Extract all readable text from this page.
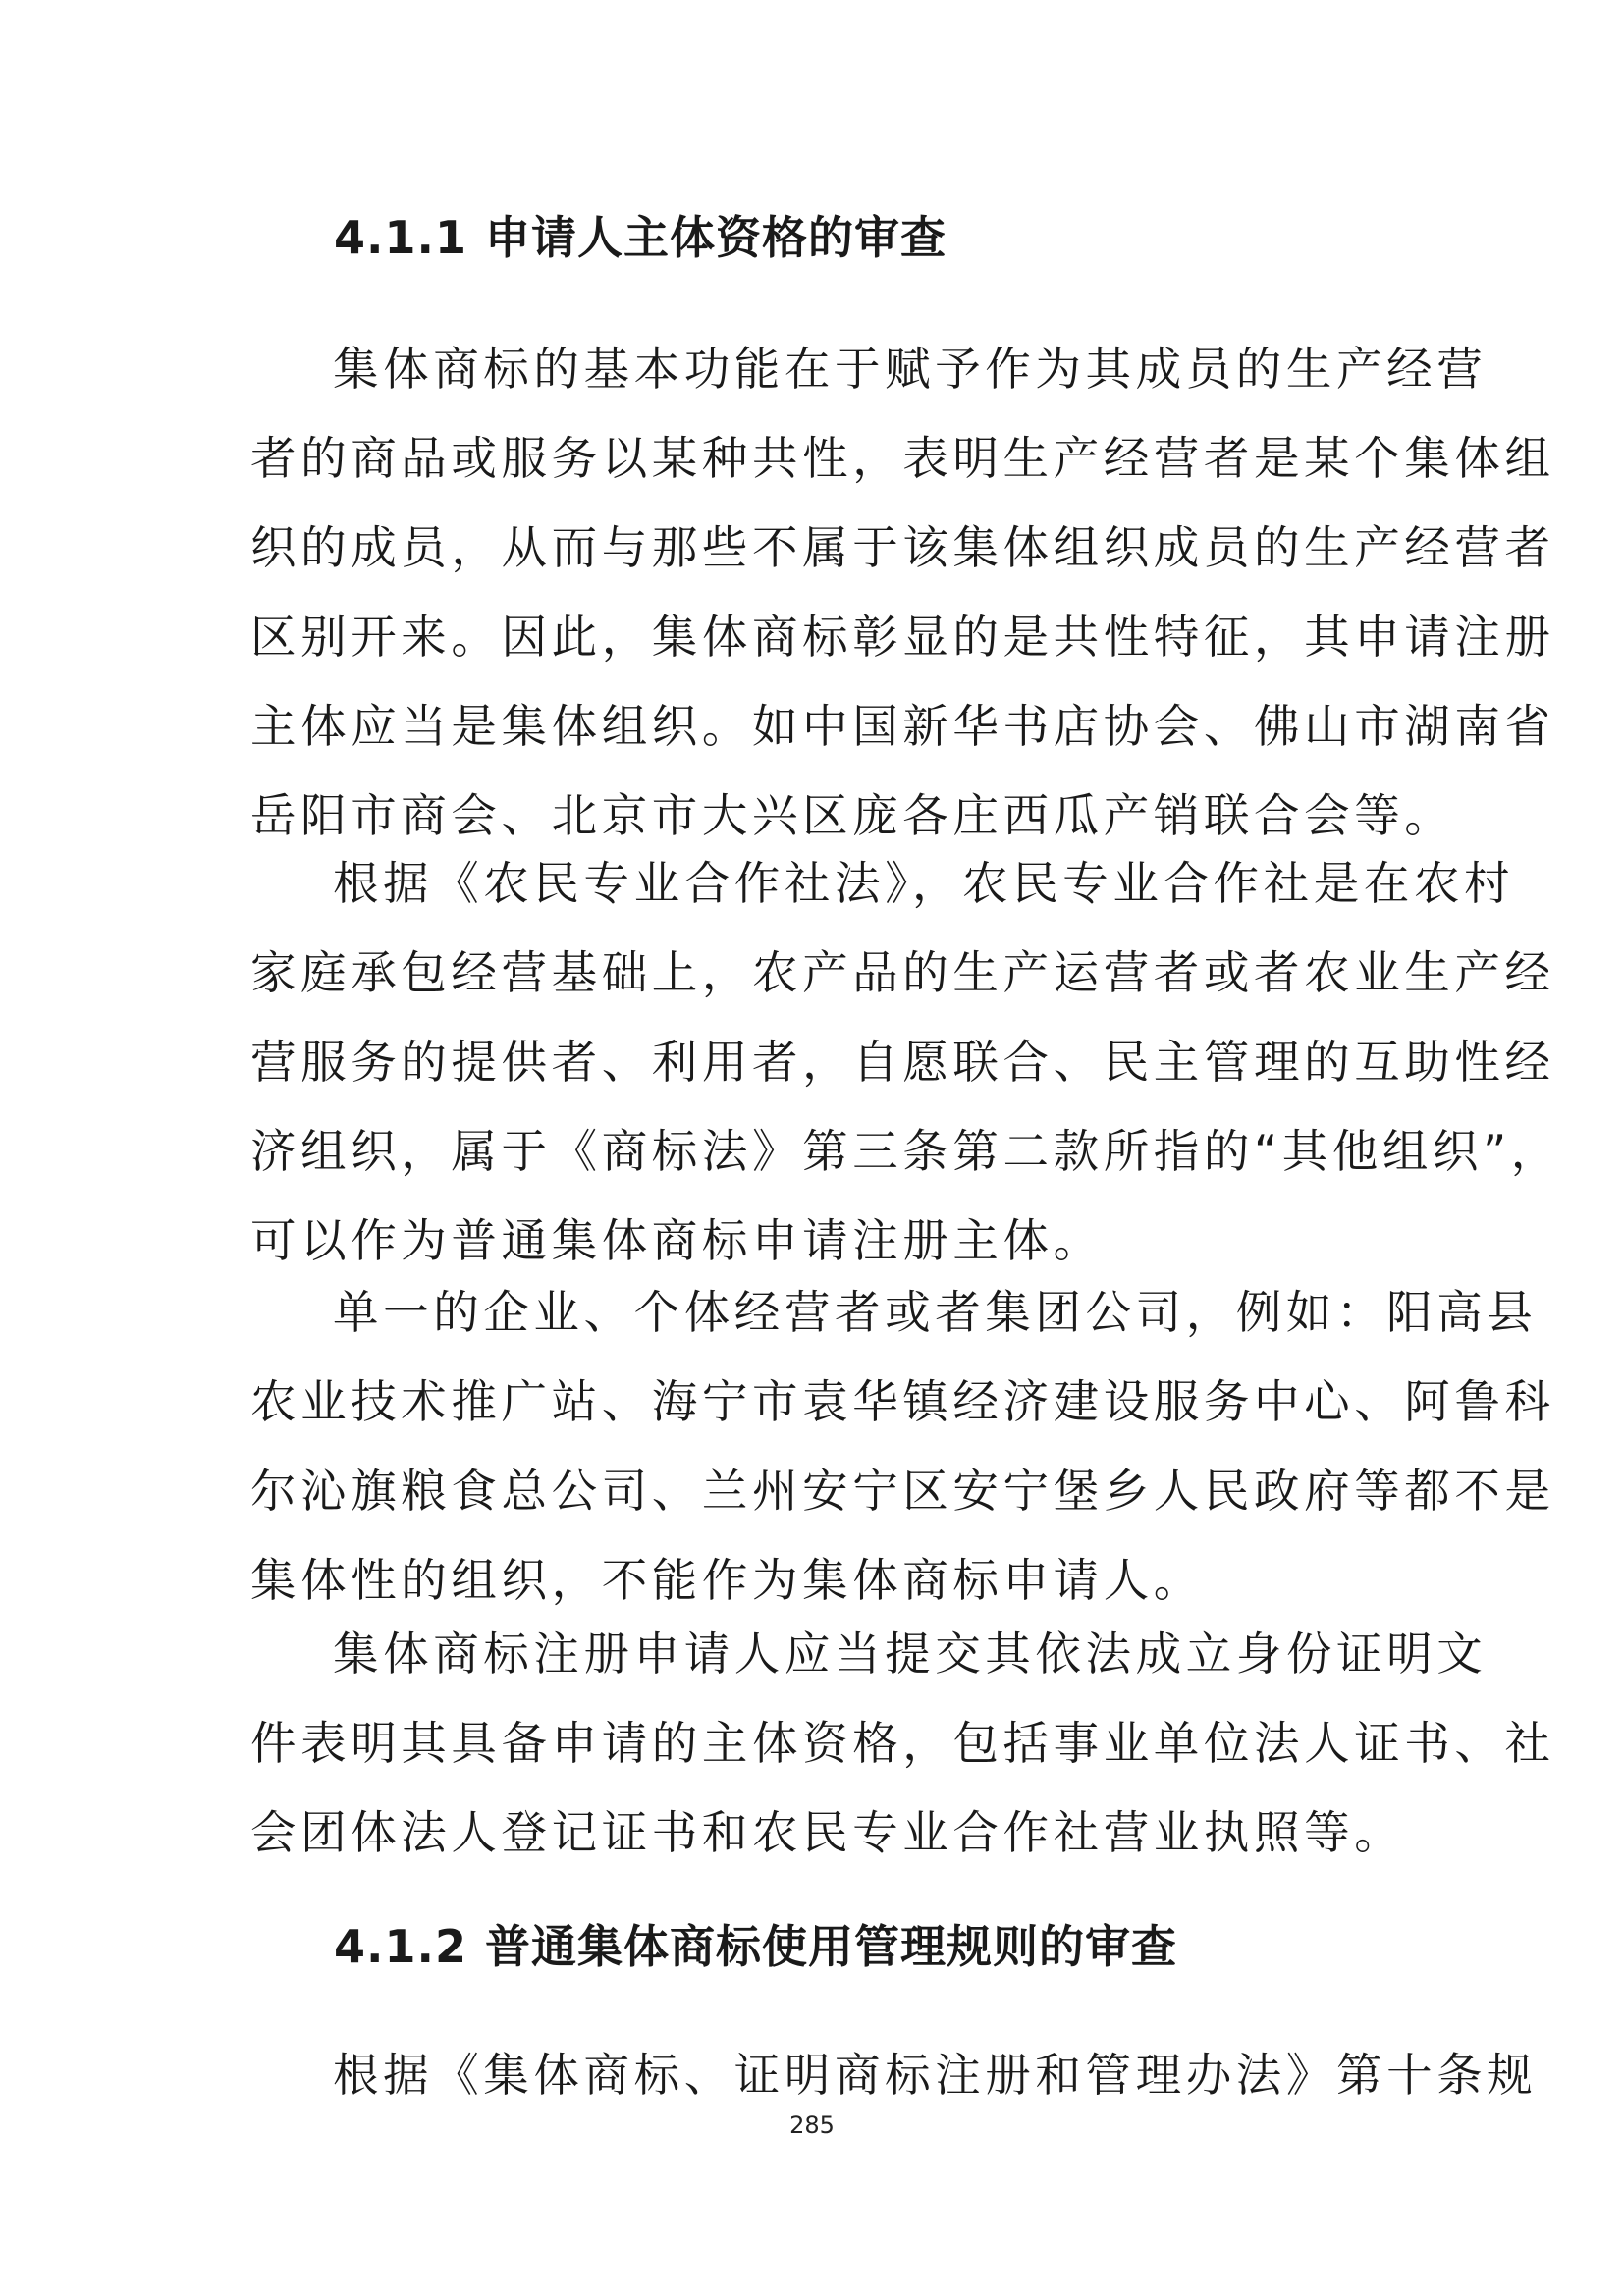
4.1.1 申请人主体资格的审查
集体商标的基本功能在于赋予作为其成员的生产经营
者的商品或服务以某种共性，表明生产经营者是某个集体组
织的成员，从而与那些不属于该集体组织成员的生产经营者
区别开来。因此，集体商标彰显的是共性特征，其申请注册
主体应当是集体组织。如中国新华书店协会、佛山市湖南省
岳阳市商会、北京市大兴区庞各庄西瓜产销联合会等。
根据《农民专业合作社法》，农民专业合作社是在农村
家庭承包经营基础上，农产品的生产运营者或者农业生产经
营服务的提供者、利用者，自愿联合、民主管理的互助性经
济组织，属于《商标法》第三条第二款所指的“其他组织”，
可以作为普通集体商标申请注册主体。
单一的企业、个体经营者或者集团公司，例如：阳高县
农业技术推广站、海宁市袁华镇经济建设服务中心、阿鲁科
尔沁旗粮食总公司、兰州安宁区安宁堡乡人民政府等都不是
集体性的组织，不能作为集体商标申请人。
集体商标注册申请人应当提交其依法成立身份证明文
件表明其具备申请的主体资格，包括事业单位法人证书、社
会团体法人登记证书和农民专业合作社营业执照等。
4.1.2 普通集体商标使用管理规则的审查
根据《集体商标、证明商标注册和管理办法》第十条规
285
